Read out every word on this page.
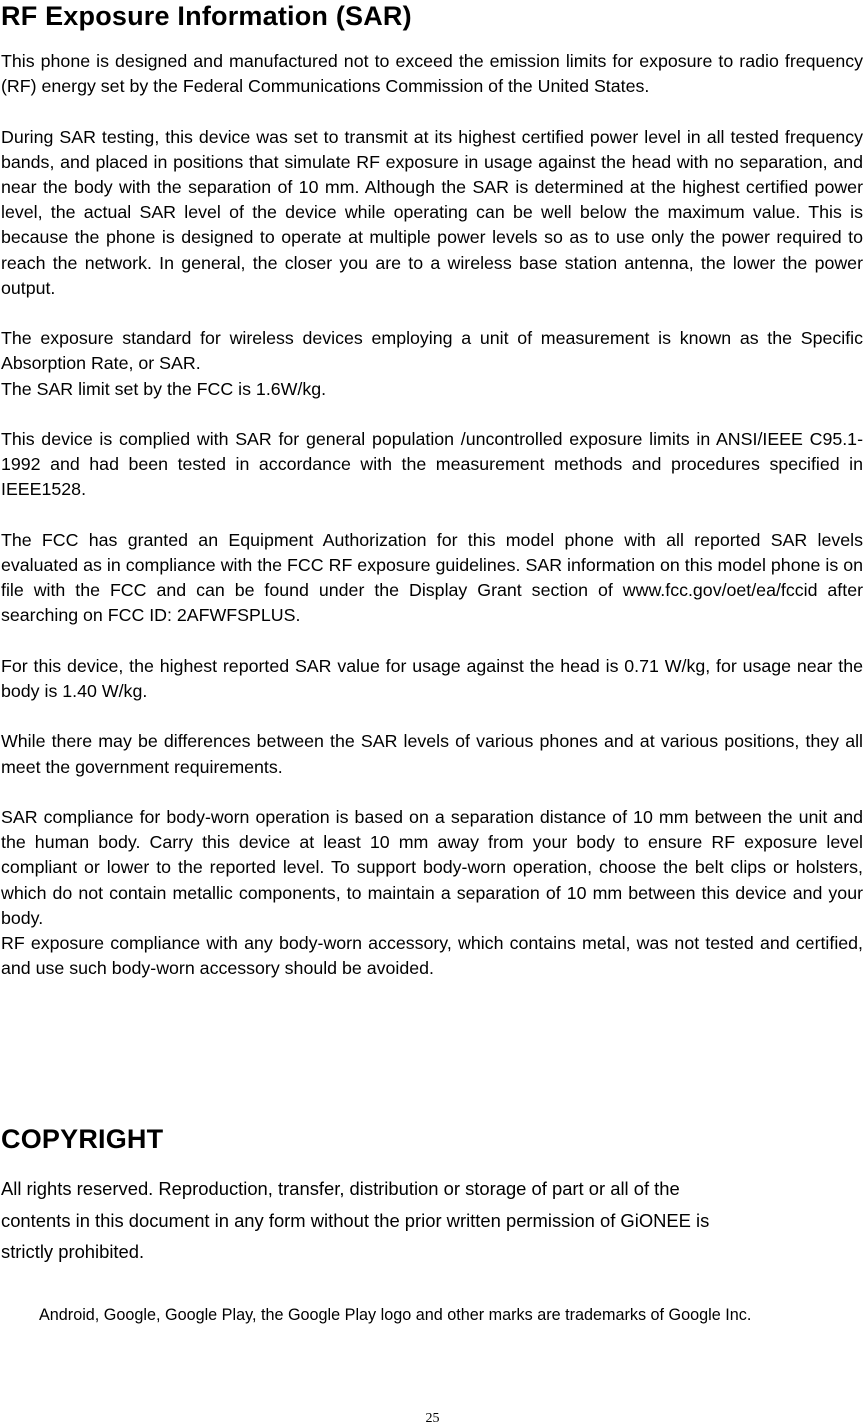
RF Exposure Information (SAR)

This phone is designed and manufactured not to exceed the emission limits for exposure to radio frequency (RF) energy set by the Federal Communications Commission of the United States.

During SAR testing, this device was set to transmit at its highest certified power level in all tested frequency bands, and placed in positions that simulate RF exposure in usage against the head with no separation, and near the body with the separation of 10 mm. Although the SAR is determined at the highest certified power level, the actual SAR level of the device while operating can be well below the maximum value. This is because the phone is designed to operate at multiple power levels so as to use only the power required to reach the network. In general, the closer you are to a wireless base station antenna, the lower the power output.

The exposure standard for wireless devices employing a unit of measurement is known as the Specific Absorption Rate, or SAR.

The SAR limit set by the FCC is 1.6W/kg.

This device is complied with SAR for general population /uncontrolled exposure limits in ANSI/IEEE C95.1-1992 and had been tested in accordance with the measurement methods and procedures specified in IEEE1528.

The FCC has granted an Equipment Authorization for this model phone with all reported SAR levels evaluated as in compliance with the FCC RF exposure guidelines. SAR information on this model phone is on file with the FCC and can be found under the Display Grant section of www.fcc.gov/oet/ea/fccid after searching on FCC ID: 2AFWFSPLUS.

For this device, the highest reported SAR value for usage against the head is 0.71 W/kg, for usage near the body is 1.40 W/kg.

While there may be differences between the SAR levels of various phones and at various positions, they all meet the government requirements.

SAR compliance for body-worn operation is based on a separation distance of 10 mm between the unit and the human body. Carry this device at least 10 mm away from your body to ensure RF exposure level compliant or lower to the reported level. To support body-worn operation, choose the belt clips or holsters, which do not contain metallic components, to maintain a separation of 10 mm between this device and your body.

RF exposure compliance with any body-worn accessory, which contains metal, was not tested and certified, and use such body-worn accessory should be avoided.

COPYRIGHT

All rights reserved. Reproduction, transfer, distribution or storage of part or all of the

contents in this document in any form without the prior written permission of GiONEE is

strictly prohibited.

Android, Google, Google Play, the Google Play logo and other marks are trademarks of Google Inc.
25
